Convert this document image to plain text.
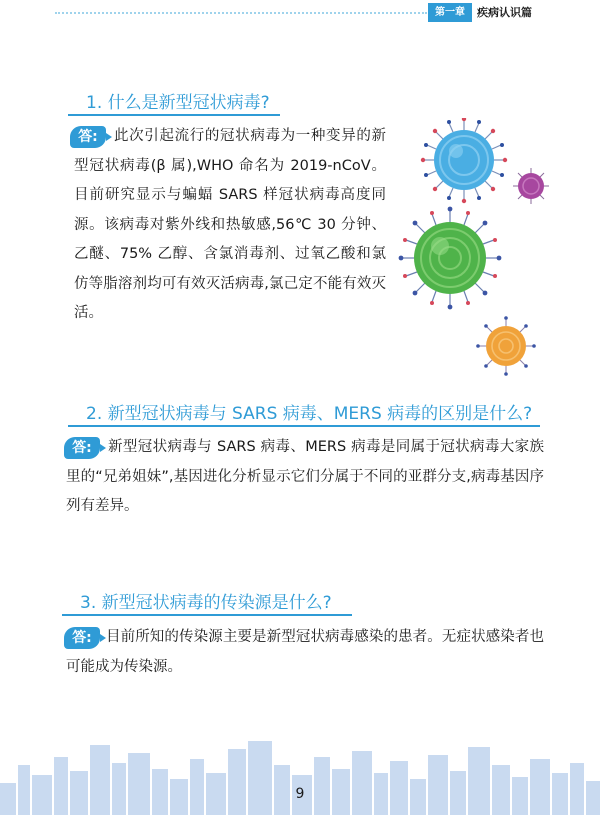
第一章	疾病认识篇
1. 什么是新型冠状病毒?
答:	此次引起流行的冠状病毒为一种变异的新型冠状病毒(β 属),WHO 命名为 2019-nCoV。目前研究显示与蝙蝠 SARS 样冠状病毒高度同源。该病毒对紫外线和热敏感,56℃ 30 分钟、乙醚、75% 乙醇、含氯消毒剂、过氧乙酸和氯仿等脂溶剂均可有效灭活病毒,氯己定不能有效灭活。
2. 新型冠状病毒与 SARS 病毒、MERS 病毒的区别是什么?
答:	新型冠状病毒与 SARS 病毒、MERS 病毒是同属于冠状病毒大家族里的“兄弟姐妹”,基因进化分析显示它们分属于不同的亚群分支,病毒基因序列有差异。
3. 新型冠状病毒的传染源是什么?
答: 目前所知的传染源主要是新型冠状病毒感染的患者。无症状感染者也可能成为传染源。
9
